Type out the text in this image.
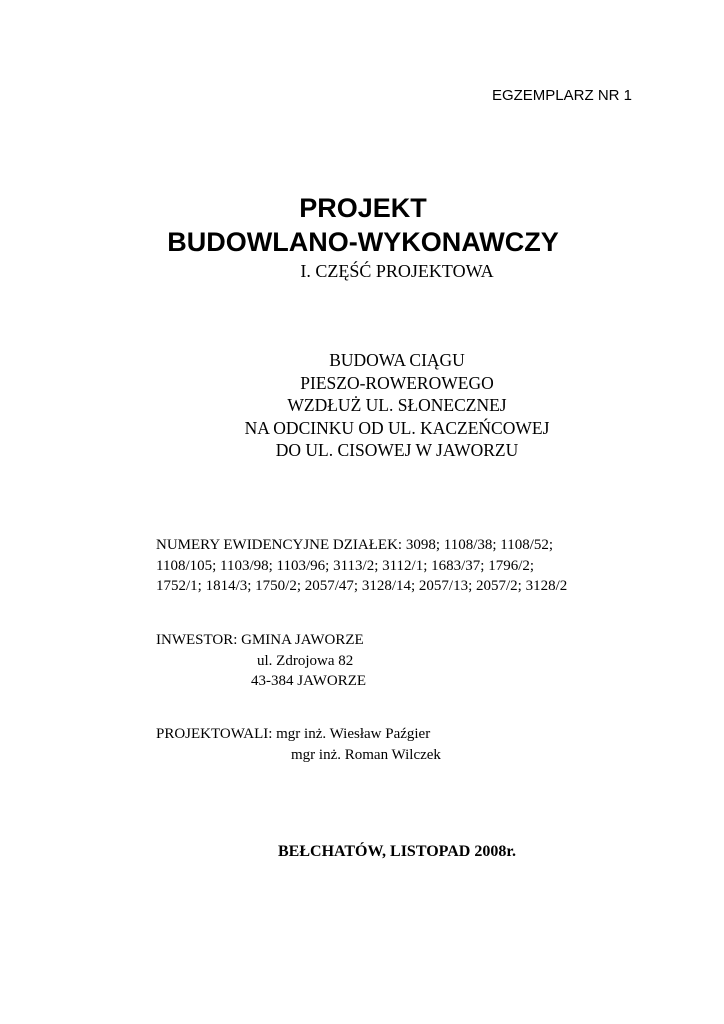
EGZEMPLARZ NR 1
PROJEKT
BUDOWLANO-WYKONAWCZY
I. CZĘŚĆ PROJEKTOWA
BUDOWA CIĄGU
PIESZO-ROWEROWEGO
WZDŁUŻ UL. SŁONECZNEJ
NA ODCINKU OD UL. KACZEŃCOWEJ
DO UL. CISOWEJ W JAWORZU
NUMERY EWIDENCYJNE DZIAŁEK: 3098; 1108/38; 1108/52;
1108/105; 1103/98; 1103/96; 3113/2; 3112/1; 1683/37; 1796/2;
1752/1; 1814/3; 1750/2; 2057/47; 3128/14; 2057/13; 2057/2; 3128/2
INWESTOR: GMINA JAWORZE
ul. Zdrojowa 82
43-384 JAWORZE
PROJEKTOWALI: mgr inż. Wiesław Paźgier
mgr inż. Roman Wilczek
BEŁCHATÓW, LISTOPAD 2008r.
